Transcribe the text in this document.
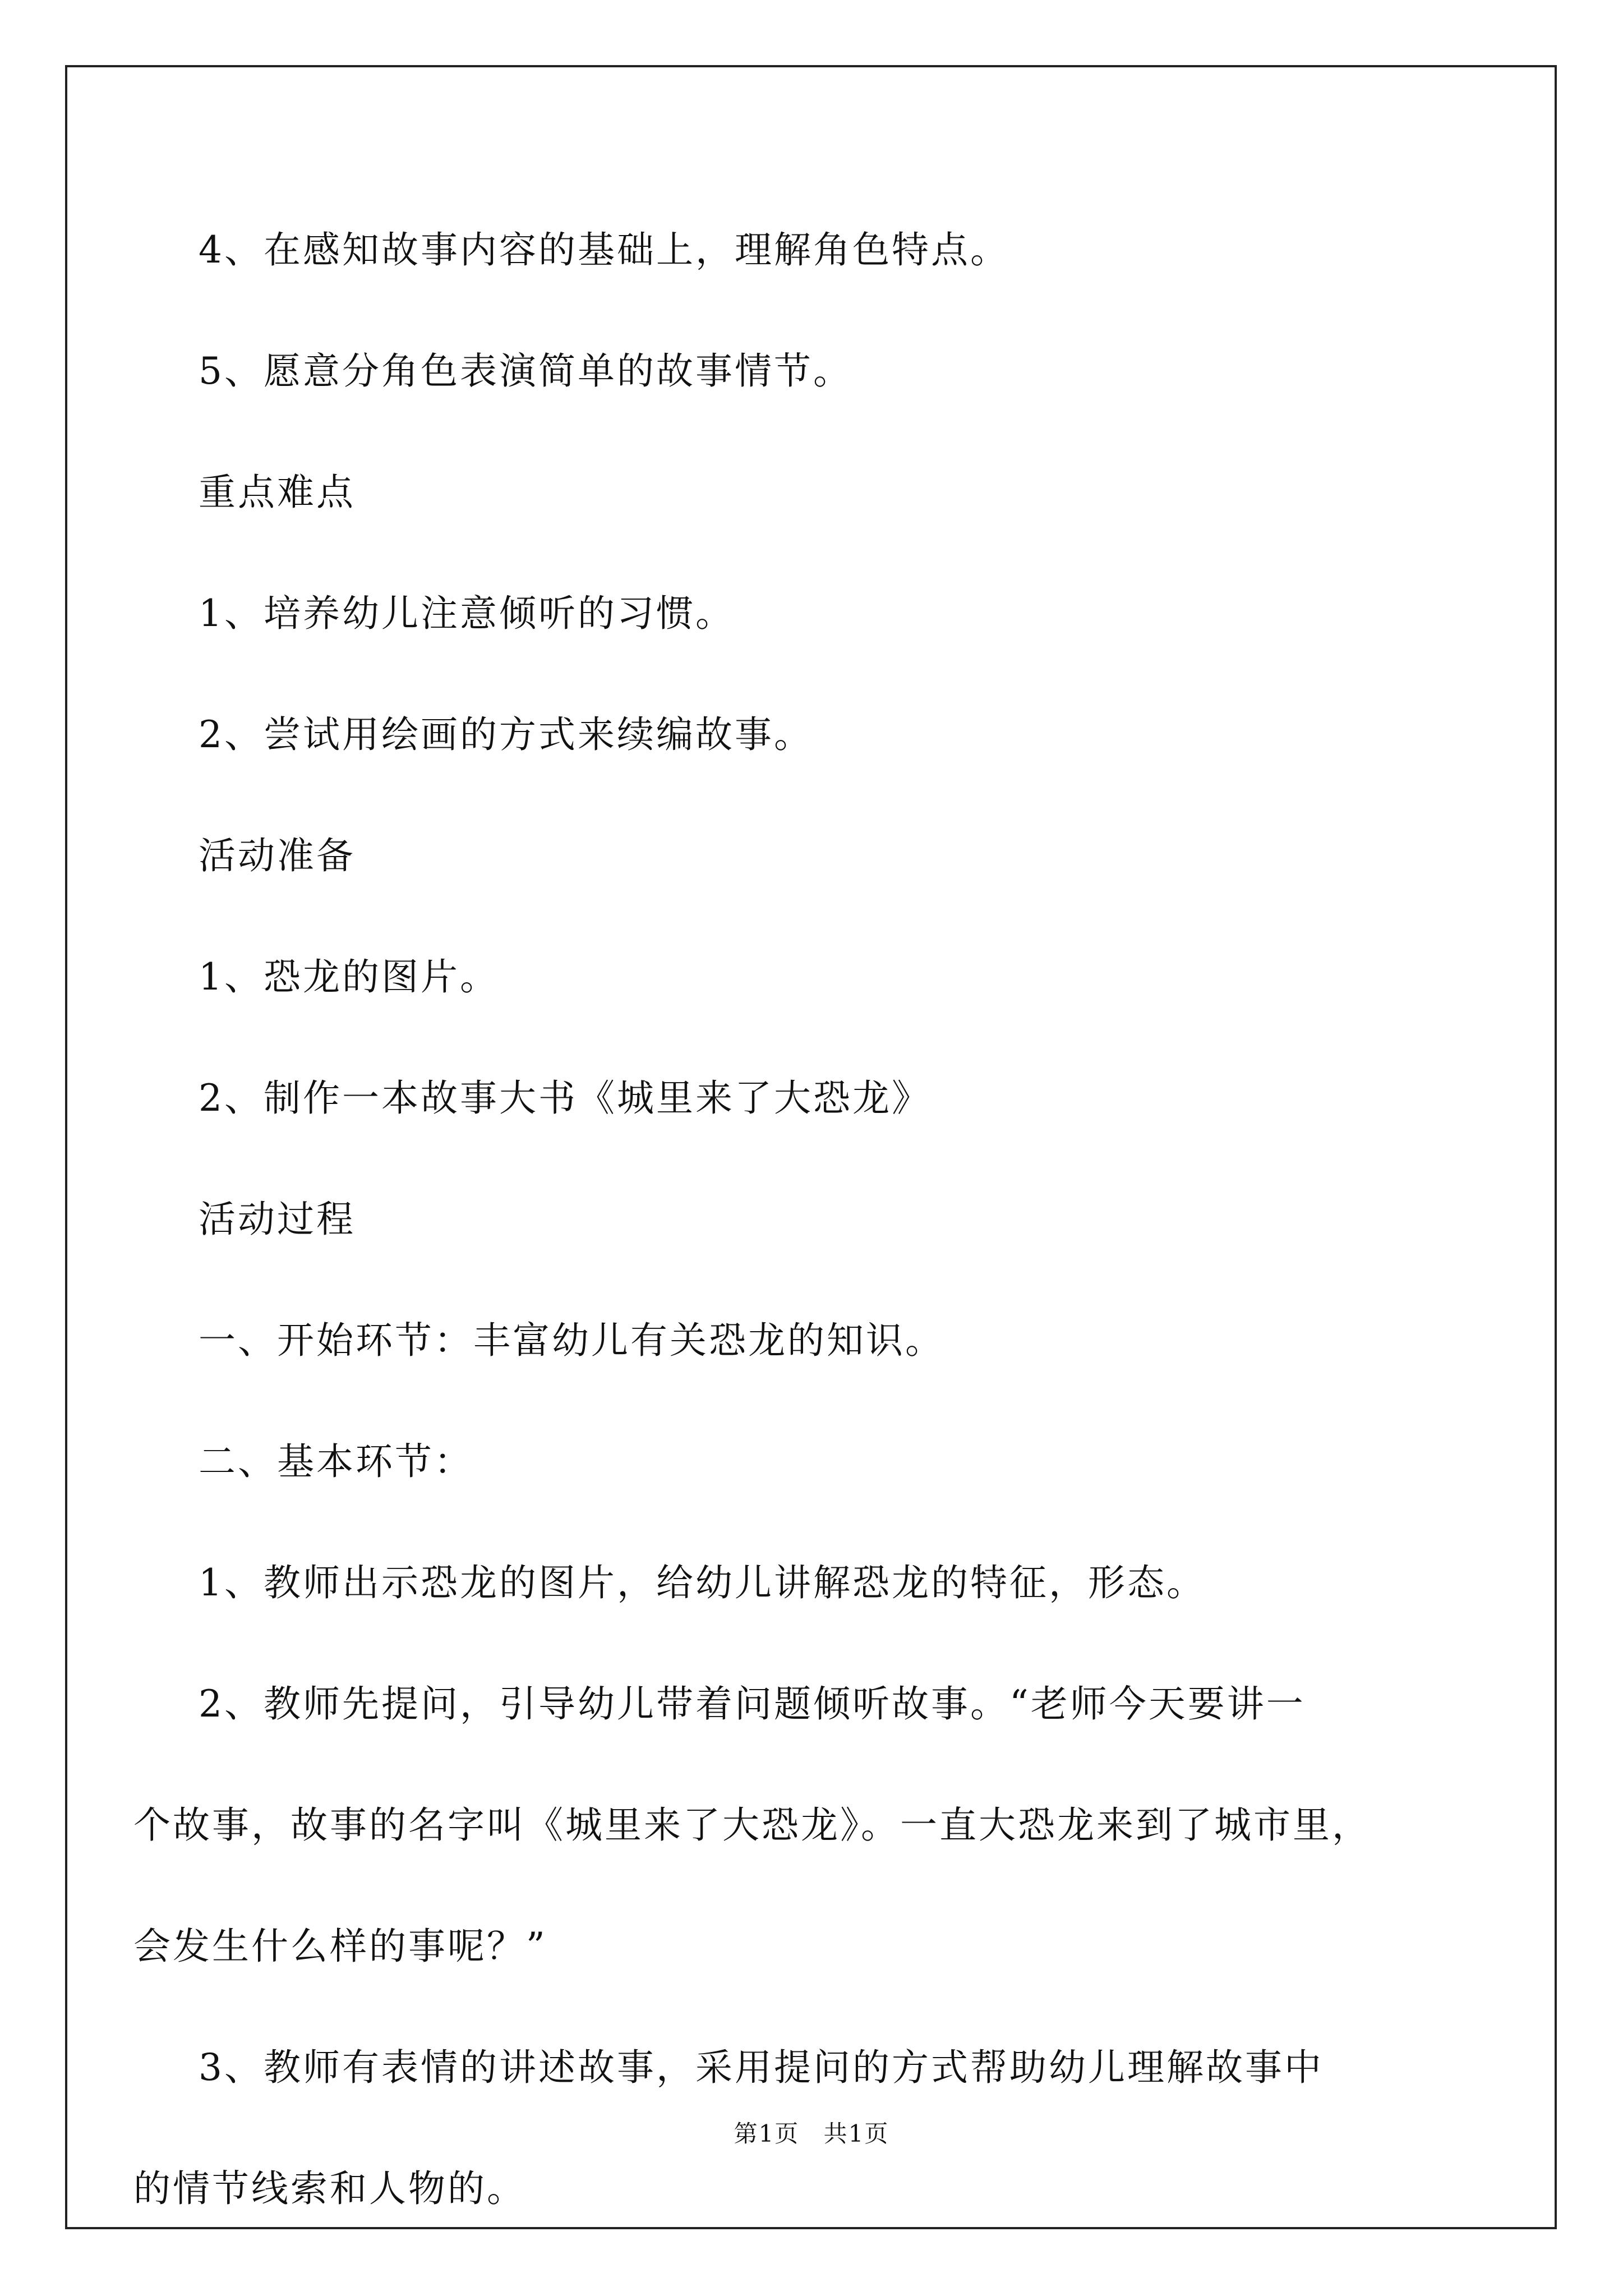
4、在感知故事内容的基础上，理解角色特点。
5、愿意分角色表演简单的故事情节。
重点难点
1、培养幼儿注意倾听的习惯。
2、尝试用绘画的方式来续编故事。
活动准备
1、恐龙的图片。
2、制作一本故事大书《城里来了大恐龙》
活动过程
一、开始环节：丰富幼儿有关恐龙的知识。
二、基本环节：
1、教师出示恐龙的图片，给幼儿讲解恐龙的特征，形态。
2、教师先提问，引导幼儿带着问题倾听故事。“老师今天要讲一
个故事，故事的名字叫《城里来了大恐龙》。一直大恐龙来到了城市里，
会发生什么样的事呢？”
3、教师有表情的讲述故事，采用提问的方式帮助幼儿理解故事中
的情节线索和人物的。
第1页 共1页
